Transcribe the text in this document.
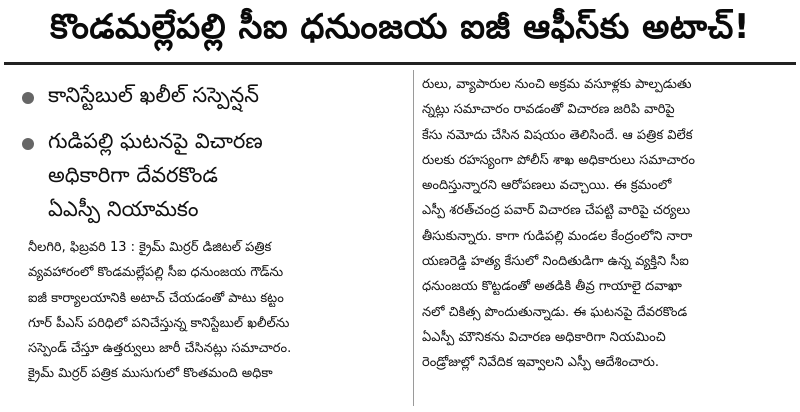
కొండమల్లేపల్లి సీఐ ధనుంజయ ఐజీ ఆఫీస్‌కు అటాచ్!
కానిస్టేబుల్ ఖలీల్ సస్పెన్షన్
గుడిపల్లి ఘటనపై విచారణ
అధికారిగా దేవరకొండ
ఏఎస్పీ నియామకం
నీలగిరి, ఫిబ్రవరి 13 : క్రైమ్ మిర్రర్ డిజిటల్ పత్రిక
వ్యవహారంలో కొండమల్లేపల్లి సీఐ ధనుంజయ గౌడ్‌ను
ఐజీ కార్యాలయానికి అటాచ్ చేయడంతో పాటు కట్టం
గూర్ పీఎస్ పరిధిలో పనిచేస్తున్న కానిస్టేబుల్ ఖలీల్‌ను
సస్పెండ్ చేస్తూ ఉత్తర్వులు జారీ చేసినట్లు సమాచారం.
క్రైమ్ మిర్రర్ పత్రిక ముసుగులో కొంతమంది అధికా
రులు, వ్యాపారుల నుంచి అక్రమ వసూళ్లకు పాల్పడుతు
న్నట్లు సమాచారం రావడంతో విచారణ జరిపి వారిపై
కేసు నమోదు చేసిన విషయం తెలిసిందే. ఆ పత్రిక విలేక
రులకు రహస్యంగా పోలీస్ శాఖ అధికారులు సమాచారం
అందిస్తున్నారని ఆరోపణలు వచ్చాయి. ఈ క్రమంలో
ఎస్పీ శరత్‌చంద్ర పవార్ విచారణ చేపట్టి వారిపై చర్యలు
తీసుకున్నారు. కాగా గుడిపల్లి మండల కేంద్రంలోని నారా
యణరెడ్డి హత్య కేసులో నిందితుడిగా ఉన్న వ్యక్తిని సీఐ
ధనుంజయ కొట్టడంతో అతడికి తీవ్ర గాయాలై దవాఖా
నలో చికిత్స పొందుతున్నాడు. ఈ ఘటనపై దేవరకొండ
ఏఎస్పీ మౌనికను విచారణ అధికారిగా నియమించి
రెండ్రోజుల్లో నివేదిక ఇవ్వాలని ఎస్పీ ఆదేశించారు.
